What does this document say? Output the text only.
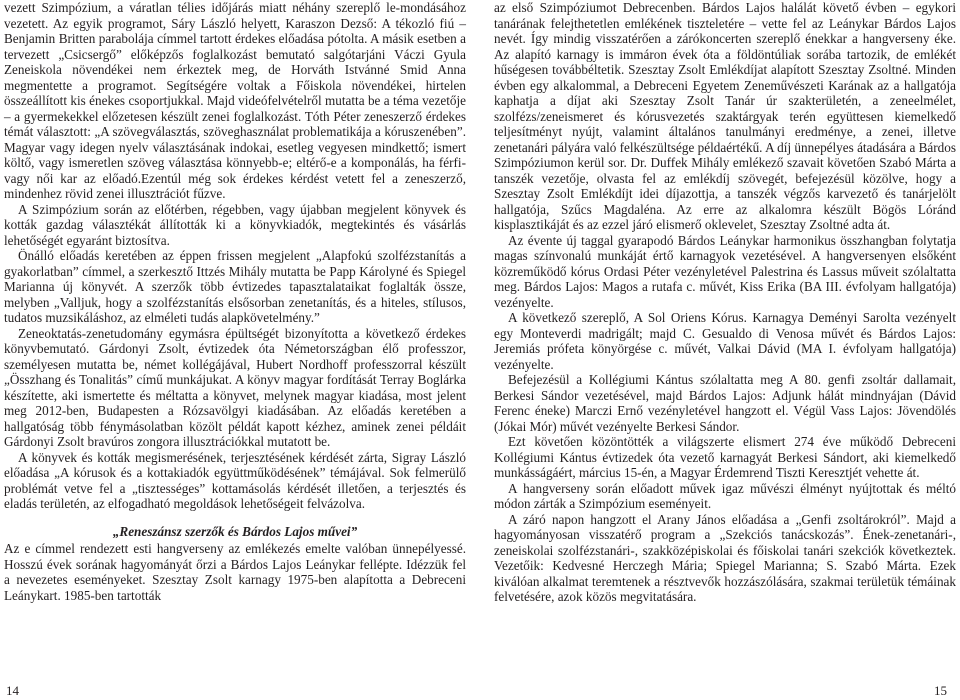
vezett Szimpózium, a váratlan télies időjárás miatt néhány szereplő le-mondásához vezetett. Az egyik programot, Sáry László helyett, Karaszon Dezső: A tékozló fiú – Benjamin Britten parabolája címmel tartott érdekes előadása pótolta. A másik esetben a tervezett „Csicsergő” előképzős foglalkozást bemutató salgótarjáni Váczi Gyula Zeneiskola növendékei nem érkeztek meg, de Horváth Istvánné Smid Anna megmentette a programot. Segítségére voltak a Főiskola növendékei, hirtelen összeállított kis énekes csoportjukkal. Majd videófelvételről mutatta be a téma vezetője – a gyermekekkel előzetesen készült zenei foglalkozást. Tóth Péter zeneszerző érdekes témát választott: „A szövegválasztás, szöveghasználat problematikája a kóruszenében”. Magyar vagy idegen nyelv választásának indokai, esetleg vegyesen mindkettő; ismert költő, vagy ismeretlen szöveg választása könnyebb-e; eltérő-e a komponálás, ha férfi- vagy női kar az előadó.Ezentúl még sok érdekes kérdést vetett fel a zeneszerző, mindenhez rövid zenei illusztrációt fűzve.

A Szimpózium során az előtérben, régebben, vagy újabban megjelent könyvek és kották gazdag választékát állították ki a könyvkiadók, megtekintés és vásárlás lehetőségét egyaránt biztosítva.

Önálló előadás keretében az éppen frissen megjelent „Alapfokú szolfézstanítás a gyakorlatban” címmel, a szerkesztő Ittzés Mihály mutatta be Papp Károlyné és Spiegel Marianna új könyvét. A szerzők több évtizedes tapasztalataikat foglalták össze, melyben „Valljuk, hogy a szolfézstanítás elsősorban zenetanítás, és a hiteles, stílusos, tudatos muzsikáláshoz, az elméleti tudás alapkövetelmény.”

Zeneoktatás-zenetudomány egymásra épültségét bizonyította a következő érdekes könyvbemutató. Gárdonyi Zsolt, évtizedek óta Németországban élő professzor, személyesen mutatta be, német kollégájával, Hubert Nordhoff professzorral készült „Összhang és Tonalitás” című munkájukat. A könyv magyar fordítását Terray Boglárka készítette, aki ismertette és méltatta a könyvet, melynek magyar kiadása, most jelent meg 2012-ben, Budapesten a Rózsavölgyi kiadásában. Az előadás keretében a hallgatóság több fénymásolatban közölt példát kapott kézhez, aminek zenei példáit Gárdonyi Zsolt bravúros zongora illusztrációkkal mutatott be.

A könyvek és kották megismerésének, terjesztésének kérdését zárta, Sigray László előadása „A kórusok és a kottakiadók együttműködésének” témájával. Sok felmerülő problémát vetve fel a „tisztességes” kottamásolás kérdését illetően, a terjesztés és eladás területén, az elfogadható megoldások lehetőségeit felvázolva.

„Reneszánsz szerzők és Bárdos Lajos művei”

Az e címmel rendezett esti hangverseny az emlékezés emelte valóban ünnepélyessé. Hosszú évek sorának hagyományát őrzi a Bárdos Lajos Leánykar fellépte. Idézzük fel a nevezetes eseményeket. Szesztay Zsolt karnagy 1975-ben alapította a Debreceni Leánykart. 1985-ben tartották

az első Szimpóziumot Debrecenben. Bárdos Lajos halálát követő évben – egykori tanárának felejthetetlen emlékének tiszteletére – vette fel az Leánykar Bárdos Lajos nevét. Így mindig visszatérően a zárókoncerten szereplő énekkar a hangverseny éke. Az alapító karnagy is immáron évek óta a földöntúliak sorába tartozik, de emlékét hűségesen továbbéltetik. Szesztay Zsolt Emlékdíjat alapított Szesztay Zsoltné. Minden évben egy alkalommal, a Debreceni Egyetem Zeneművészeti Karának az a hallgatója kaphatja a díjat aki Szesztay Zsolt Tanár úr szakterületén, a zeneelmélet, szolfézs/zeneismeret és kórusvezetés szaktárgyak terén együttesen kiemelkedő teljesítményt nyújt, valamint általános tanulmányi eredménye, a zenei, illetve zenetanári pályára való felkészültsége példaértékű. A díj ünnepélyes átadására a Bárdos Szimpóziumon kerül sor. Dr. Duffek Mihály emlékező szavait követően Szabó Márta a tanszék vezetője, olvasta fel az emlékdíj szövegét, befejezésül közölve, hogy a Szesztay Zsolt Emlékdíjt idei díjazottja, a tanszék végzős karvezető és tanárjelölt hallgatója, Szűcs Magdaléna. Az erre az alkalomra készült Bögös Lóránd kisplasztikáját és az ezzel járó elismerő oklevelet, Szesztay Zsoltné adta át.

Az évente új taggal gyarapodó Bárdos Leánykar harmonikus összhangban folytatja magas színvonalú munkáját értő karnagyok vezetésével. A hangversenyen elsőként közreműködő kórus Ordasi Péter vezényletével Palestrina és Lassus műveit szólaltatta meg. Bárdos Lajos: Magos a rutafa c. művét, Kiss Erika (BA III. évfolyam hallgatója) vezényelte.

A következő szereplő, A Sol Oriens Kórus. Karnagya Deményi Sarolta vezényelt egy Monteverdi madrigált; majd C. Gesualdo di Venosa művét és Bárdos Lajos: Jeremiás prófeta könyörgése c. művét, Valkai Dávid (MA I. évfolyam hallgatója) vezényelte.

Befejezésül a Kollégiumi Kántus szólaltatta meg A 80. genfi zsoltár dallamait, Berkesi Sándor vezetésével, majd Bárdos Lajos: Adjunk hálát mindnyájan (Dávid Ferenc éneke) Marczi Ernő vezényletével hangzott el. Végül Vass Lajos: Jövendölés (Jókai Mór) művét vezényelte Berkesi Sándor.

Ezt követően közöntötték a világszerte elismert 274 éve működő Debreceni Kollégiumi Kántus évtizedek óta vezető karnagyát Berkesi Sándort, aki kiemelkedő munkásságáért, március 15-én, a Magyar Érdemrend Tiszti Keresztjét vehette át.

A hangverseny során előadott művek igaz művészi élményt nyújtottak és méltó módon zárták a Szimpózium eseményeit.

A záró napon hangzott el Arany János előadása a „Genfi zsoltárokról”. Majd a hagyományosan visszatérő program a „Szekciós tanácskozás”. Ének-zenetanári-, zeneiskolai szolfézstanári-, szakközépiskolai és főiskolai tanári szekciók következtek. Vezetőik: Kedvesné Herczegh Mária; Spiegel Marianna; S. Szabó Márta. Ezek kiválóan alkalmat teremtenek a résztvevők hozzászólására, szakmai területük témáinak felvetésére, azok közös megvitatására.

14	15
